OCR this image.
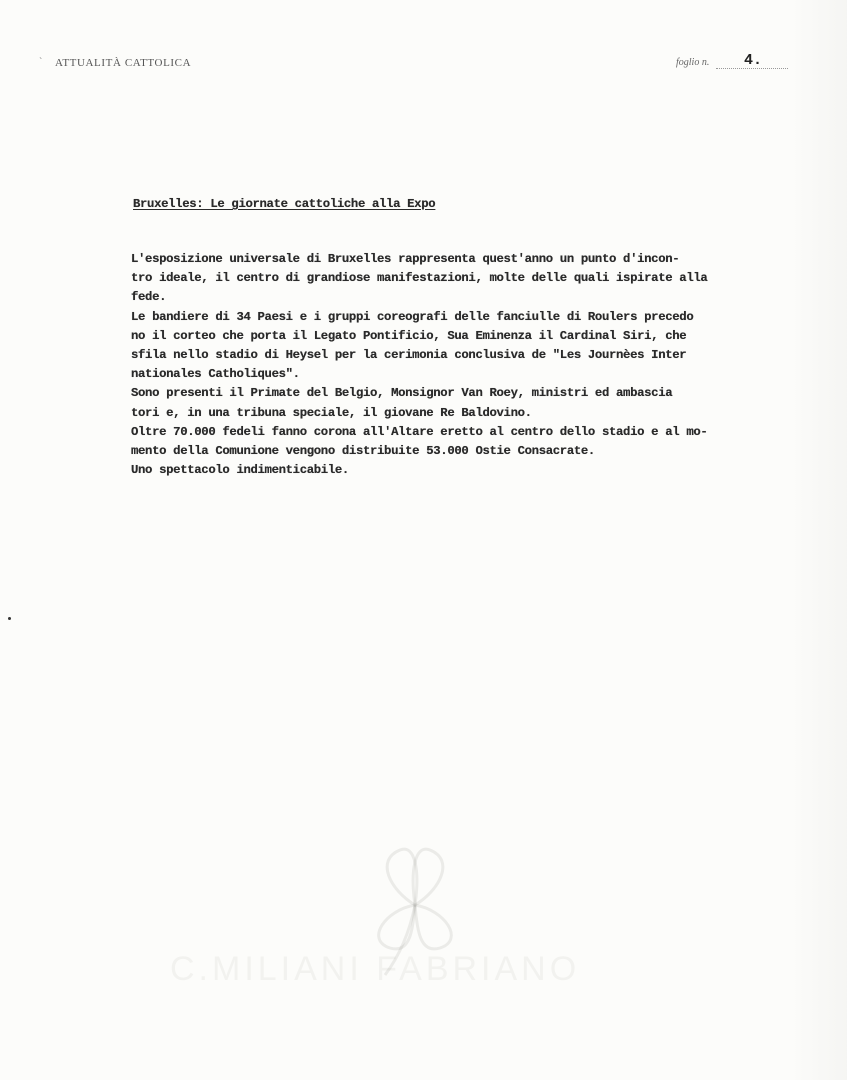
` ATTUALITÀ CATTOLICA	foglio n. 4.
Bruxelles: Le giornate cattoliche alla Expo
L'esposizione universale di Bruxelles rappresenta quest'anno un punto d'incon-
tro ideale, il centro di grandiose manifestazioni, molte delle quali ispirate alla
fede.
Le bandiere di 34 Paesi e i gruppi coreografi delle fanciulle di Roulers precedo
no il corteo che porta il Legato Pontificio, Sua Eminenza il Cardinal Siri, che
sfila nello stadio di Heysel per la cerimonia conclusiva de "Les Journèes Inter
nationales Catholiques".
Sono presenti il Primate del Belgio, Monsignor Van Roey, ministri ed ambascia
tori e, in una tribuna speciale, il giovane Re Baldovino.
Oltre 70.000 fedeli fanno corona all'Altare eretto al centro dello stadio e al mo-
mento della Comunione vengono distribuite 53.000 Ostie Consacrate.
Uno spettacolo indimenticabile.
C.MILIANI FABRIANO
